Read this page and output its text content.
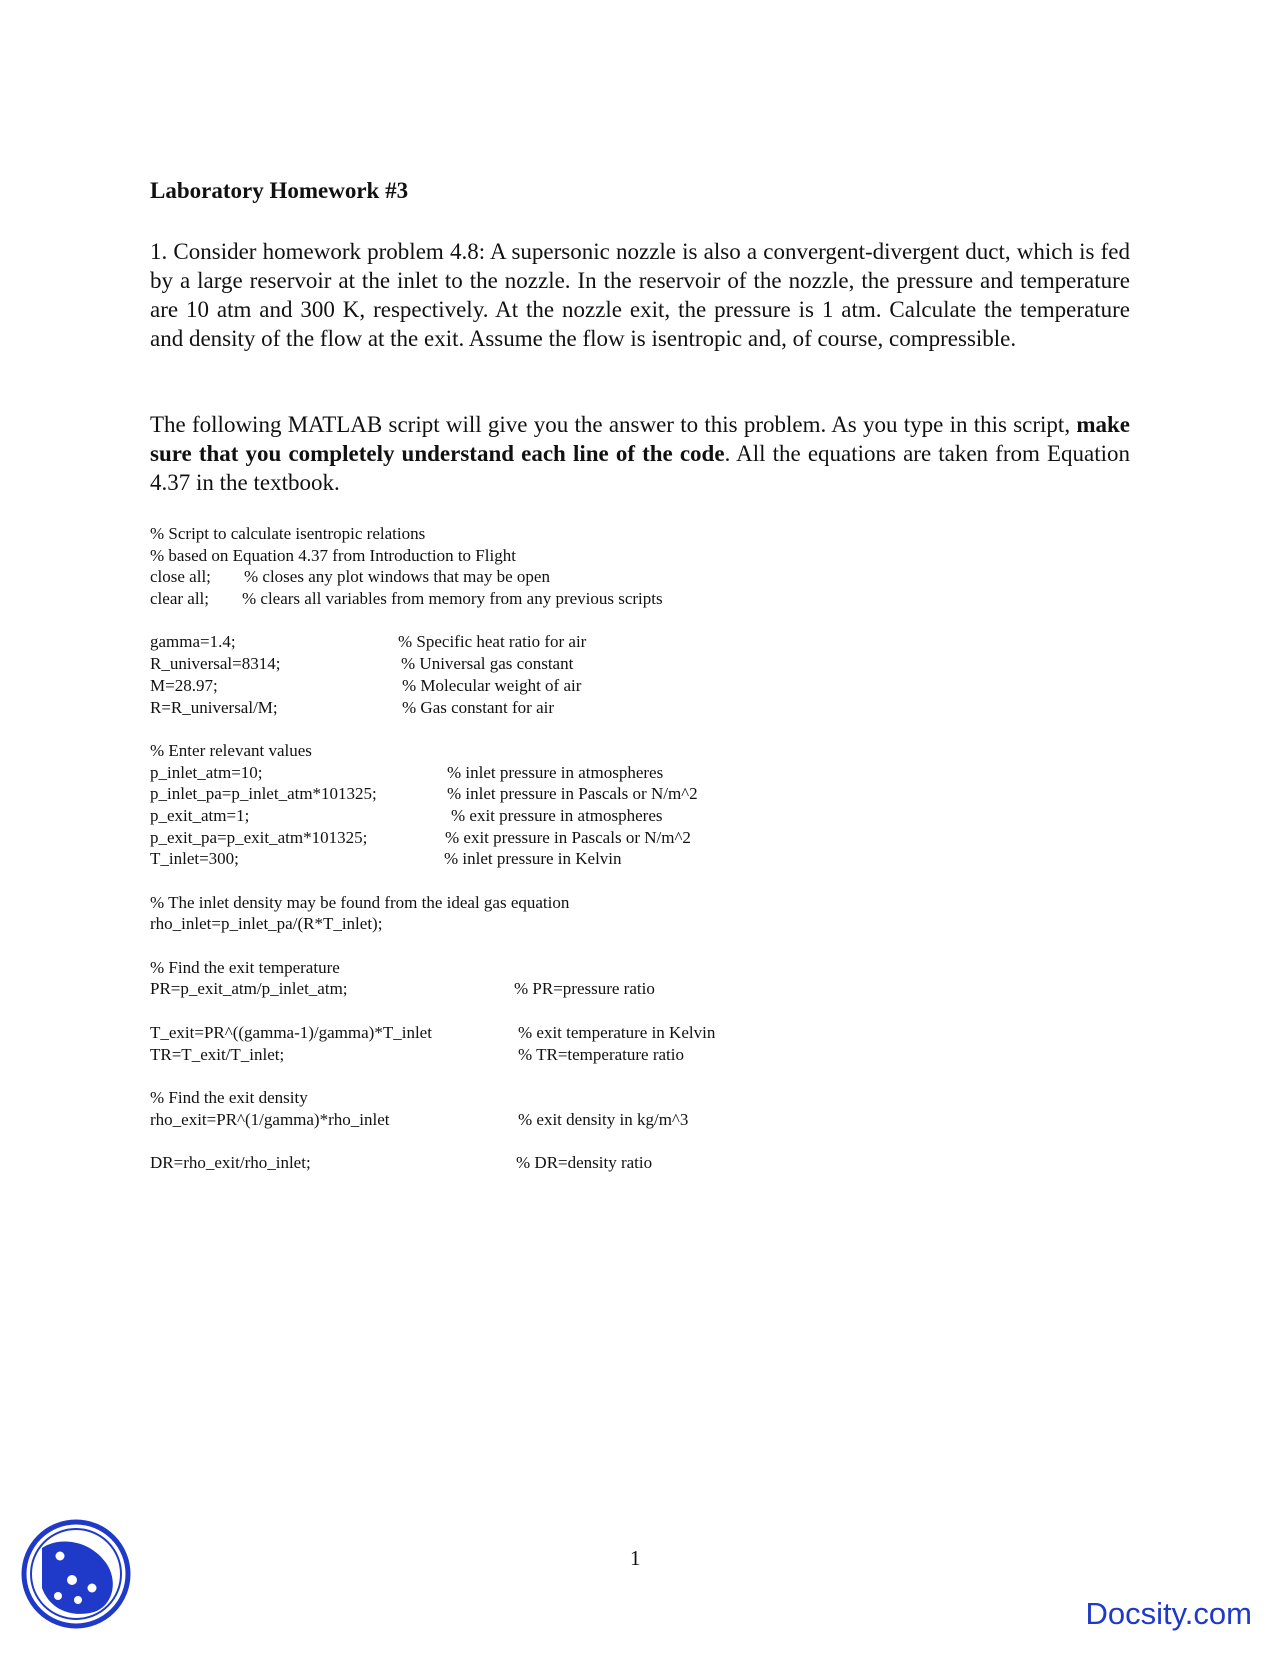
Laboratory Homework #3

1. Consider homework problem 4.8: A supersonic nozzle is also a convergent-divergent duct, which is fed by a large reservoir at the inlet to the nozzle. In the reservoir of the nozzle, the pressure and temperature are 10 atm and 300 K, respectively. At the nozzle exit, the pressure is 1 atm. Calculate the temperature and density of the flow at the exit. Assume the flow is isentropic and, of course, compressible.

The following MATLAB script will give you the answer to this problem. As you type in this script, make sure that you completely understand each line of the code. All the equations are taken from Equation 4.37 in the textbook.

% Script to calculate isentropic relations
% based on Equation 4.37 from Introduction to Flight
close all; % closes any plot windows that may be open
clear all; % clears all variables from memory from any previous scripts
gamma=1.4;	% Specific heat ratio for air
R_universal=8314;	% Universal gas constant
M=28.97;	% Molecular weight of air
R=R_universal/M;	% Gas constant for air
% Enter relevant values
p_inlet_atm=10;	% inlet pressure in atmospheres
p_inlet_pa=p_inlet_atm*101325;	% inlet pressure in Pascals or N/m^2
p_exit_atm=1;	% exit pressure in atmospheres
p_exit_pa=p_exit_atm*101325;	% exit pressure in Pascals or N/m^2
T_inlet=300;	% inlet pressure in Kelvin
% The inlet density may be found from the ideal gas equation
rho_inlet=p_inlet_pa/(R*T_inlet);
% Find the exit temperature
PR=p_exit_atm/p_inlet_atm;	% PR=pressure ratio
T_exit=PR^((gamma-1)/gamma)*T_inlet	% exit temperature in Kelvin
TR=T_exit/T_inlet;	% TR=temperature ratio
% Find the exit density
rho_exit=PR^(1/gamma)*rho_inlet	% exit density in kg/m^3
DR=rho_exit/rho_inlet;	% DR=density ratio
1
Docsity.com
